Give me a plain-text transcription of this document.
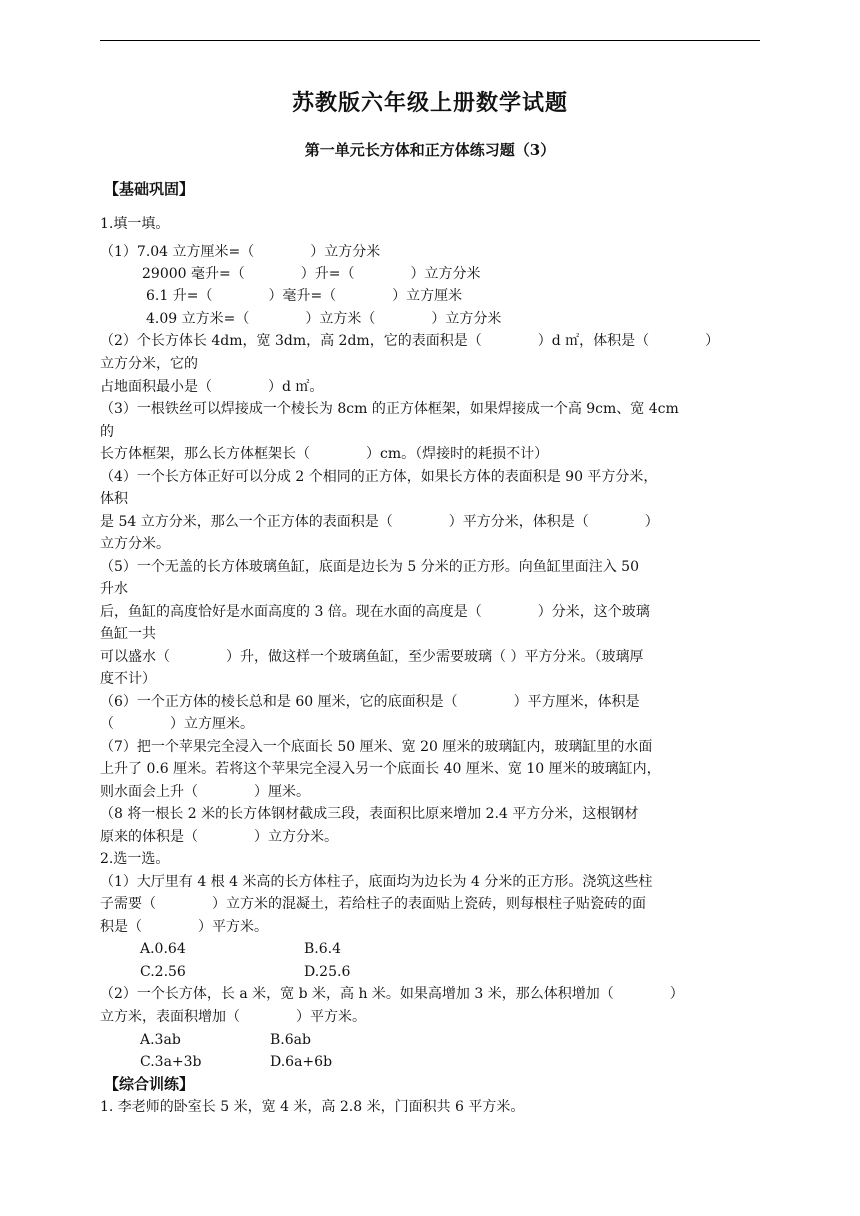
苏教版六年级上册数学试题
第一单元长方体和正方体练习题（3）
【基础巩固】
1.填一填。
（1）7.04 立方厘米=（　　　　）立方分米
29000 毫升=（　　　　）升=（　　　　）立方分米
6.1 升=（　　　　）毫升=（　　　　）立方厘米
4.09 立方米=（　　　　）立方米（　　　　）立方分米
（2）个长方体长 4dm，宽 3dm，高 2dm，它的表面积是（　　　　）d ㎡，体积是（　　　　）
立方分米，它的
占地面积最小是（　　　　）d ㎡。
（3）一根铁丝可以焊接成一个棱长为 8cm 的正方体框架，如果焊接成一个高 9cm、宽 4cm
的
长方体框架，那么长方体框架长（　　　　）cm。（焊接时的耗损不计）
（4）一个长方体正好可以分成 2 个相同的正方体，如果长方体的表面积是 90 平方分米，
体积
是 54 立方分米，那么一个正方体的表面积是（　　　　）平方分米，体积是（　　　　）
立方分米。
（5）一个无盖的长方体玻璃鱼缸，底面是边长为 5 分米的正方形。向鱼缸里面注入 50
升水
后，鱼缸的高度恰好是水面高度的 3 倍。现在水面的高度是（　　　　）分米，这个玻璃
鱼缸一共
可以盛水（　　　　）升，做这样一个玻璃鱼缸，至少需要玻璃（ ）平方分米。（玻璃厚
度不计）
（6）一个正方体的棱长总和是 60 厘米，它的底面积是（　　　　）平方厘米，体积是
（　　　　）立方厘米。
（7）把一个苹果完全浸入一个底面长 50 厘米、宽 20 厘米的玻璃缸内，玻璃缸里的水面
上升了 0.6 厘米。若将这个苹果完全浸入另一个底面长 40 厘米、宽 10 厘米的玻璃缸内，
则水面会上升（　　　　）厘米。
（8 将一根长 2 米的长方体钢材截成三段，表面积比原来增加 2.4 平方分米，这根钢材
原来的体积是（　　　　）立方分米。
2.选一选。
（1）大厅里有 4 根 4 米高的长方体柱子，底面均为边长为 4 分米的正方形。浇筑这些柱
子需要（　　　　）立方米的混凝土，若给柱子的表面贴上瓷砖，则每根柱子贴瓷砖的面
积是（　　　　）平方米。
A.0.64	B.6.4
C.2.56	D.25.6
（2）一个长方体，长 a 米，宽 b 米，高 h 米。如果高增加 3 米，那么体积增加（　　　　）
立方米，表面积增加（　　　　）平方米。
A.3ab	B.6ab
C.3a+3b	D.6a+6b
【综合训练】
1. 李老师的卧室长 5 米，宽 4 米，高 2.8 米，门面积共 6 平方米。
